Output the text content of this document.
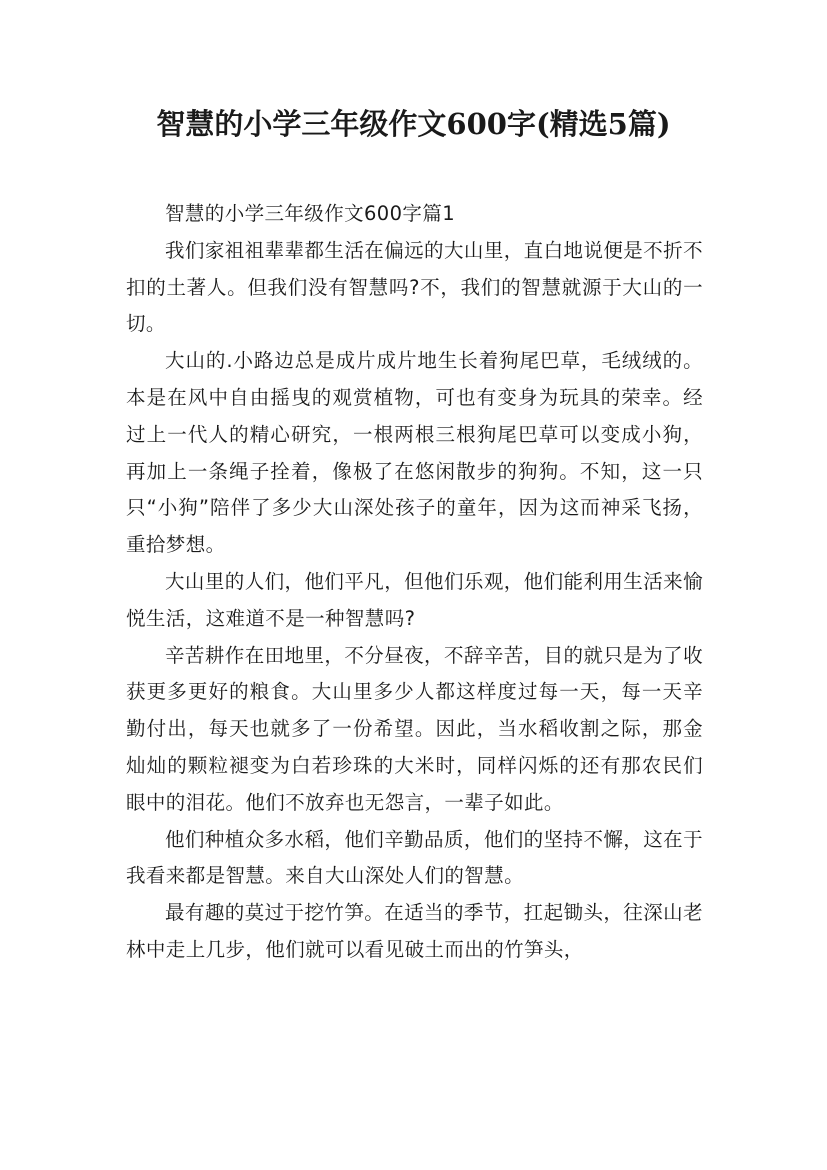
智慧的小学三年级作文600字(精选5篇)

智慧的小学三年级作文600字篇1

我们家祖祖辈辈都生活在偏远的大山里，直白地说便是不折不扣的土著人。但我们没有智慧吗?不，我们的智慧就源于大山的一切。

大山的.小路边总是成片成片地生长着狗尾巴草，毛绒绒的。本是在风中自由摇曳的观赏植物，可也有变身为玩具的荣幸。经过上一代人的精心研究，一根两根三根狗尾巴草可以变成小狗，再加上一条绳子拴着，像极了在悠闲散步的狗狗。不知，这一只只“小狗”陪伴了多少大山深处孩子的童年，因为这而神采飞扬，重拾梦想。

大山里的人们，他们平凡，但他们乐观，他们能利用生活来愉悦生活，这难道不是一种智慧吗?

辛苦耕作在田地里，不分昼夜，不辞辛苦，目的就只是为了收获更多更好的粮食。大山里多少人都这样度过每一天，每一天辛勤付出，每天也就多了一份希望。因此，当水稻收割之际，那金灿灿的颗粒褪变为白若珍珠的大米时，同样闪烁的还有那农民们眼中的泪花。他们不放弃也无怨言，一辈子如此。

他们种植众多水稻，他们辛勤品质，他们的坚持不懈，这在于我看来都是智慧。来自大山深处人们的智慧。

最有趣的莫过于挖竹笋。在适当的季节，扛起锄头，往深山老林中走上几步，他们就可以看见破土而出的竹笋头，
